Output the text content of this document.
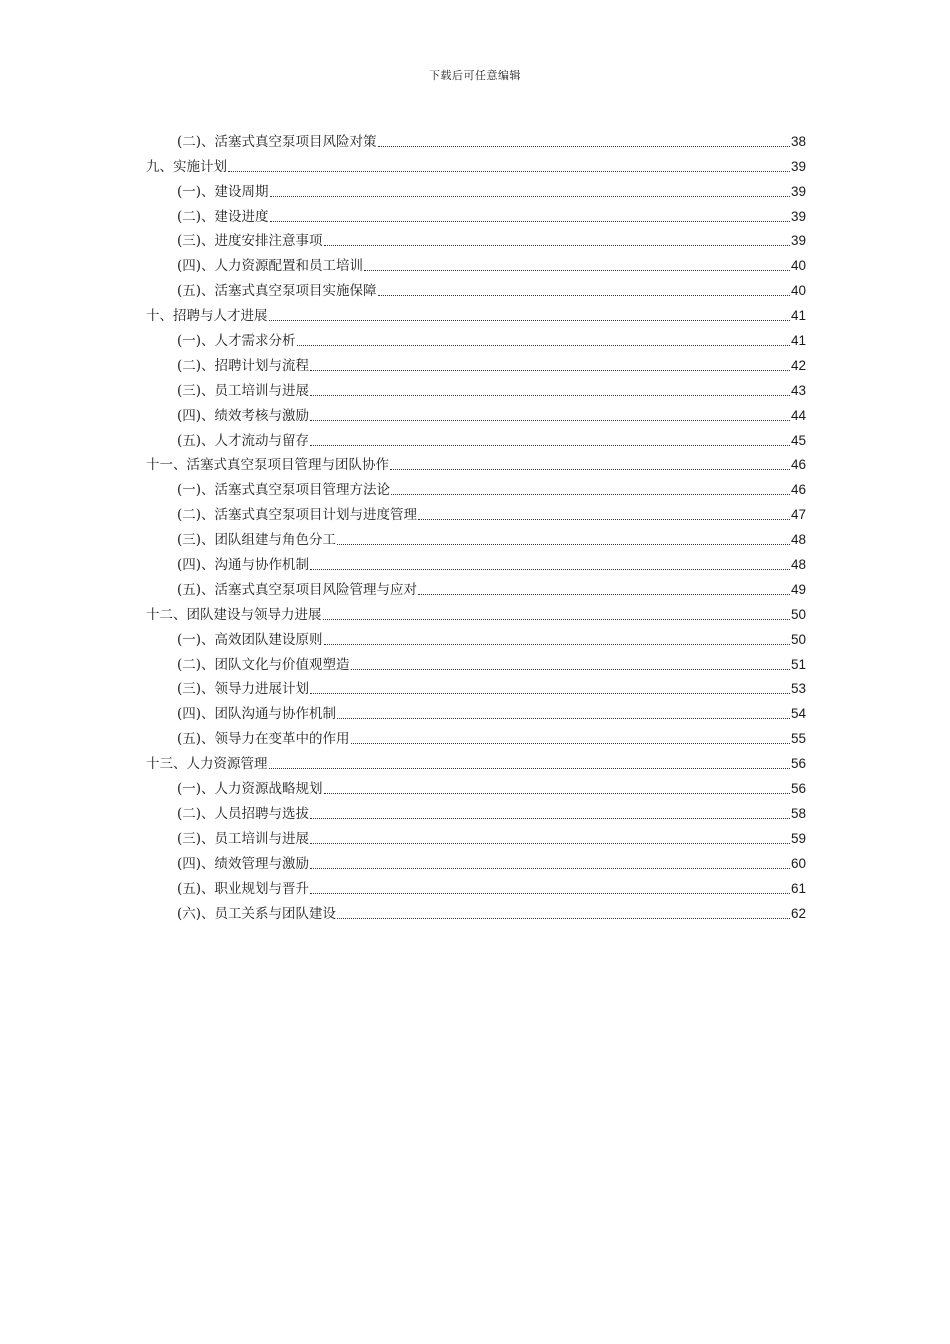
下载后可任意编辑
(二)、活塞式真空泵项目风险对策	38
九、实施计划	39
(一)、建设周期	39
(二)、建设进度	39
(三)、进度安排注意事项	39
(四)、人力资源配置和员工培训	40
(五)、活塞式真空泵项目实施保障	40
十、招聘与人才进展	41
(一)、人才需求分析	41
(二)、招聘计划与流程	42
(三)、员工培训与进展	43
(四)、绩效考核与激励	44
(五)、人才流动与留存	45
十一、活塞式真空泵项目管理与团队协作	46
(一)、活塞式真空泵项目管理方法论	46
(二)、活塞式真空泵项目计划与进度管理	47
(三)、团队组建与角色分工	48
(四)、沟通与协作机制	48
(五)、活塞式真空泵项目风险管理与应对	49
十二、团队建设与领导力进展	50
(一)、高效团队建设原则	50
(二)、团队文化与价值观塑造	51
(三)、领导力进展计划	53
(四)、团队沟通与协作机制	54
(五)、领导力在变革中的作用	55
十三、人力资源管理	56
(一)、人力资源战略规划	56
(二)、人员招聘与选拔	58
(三)、员工培训与进展	59
(四)、绩效管理与激励	60
(五)、职业规划与晋升	61
(六)、员工关系与团队建设	62
